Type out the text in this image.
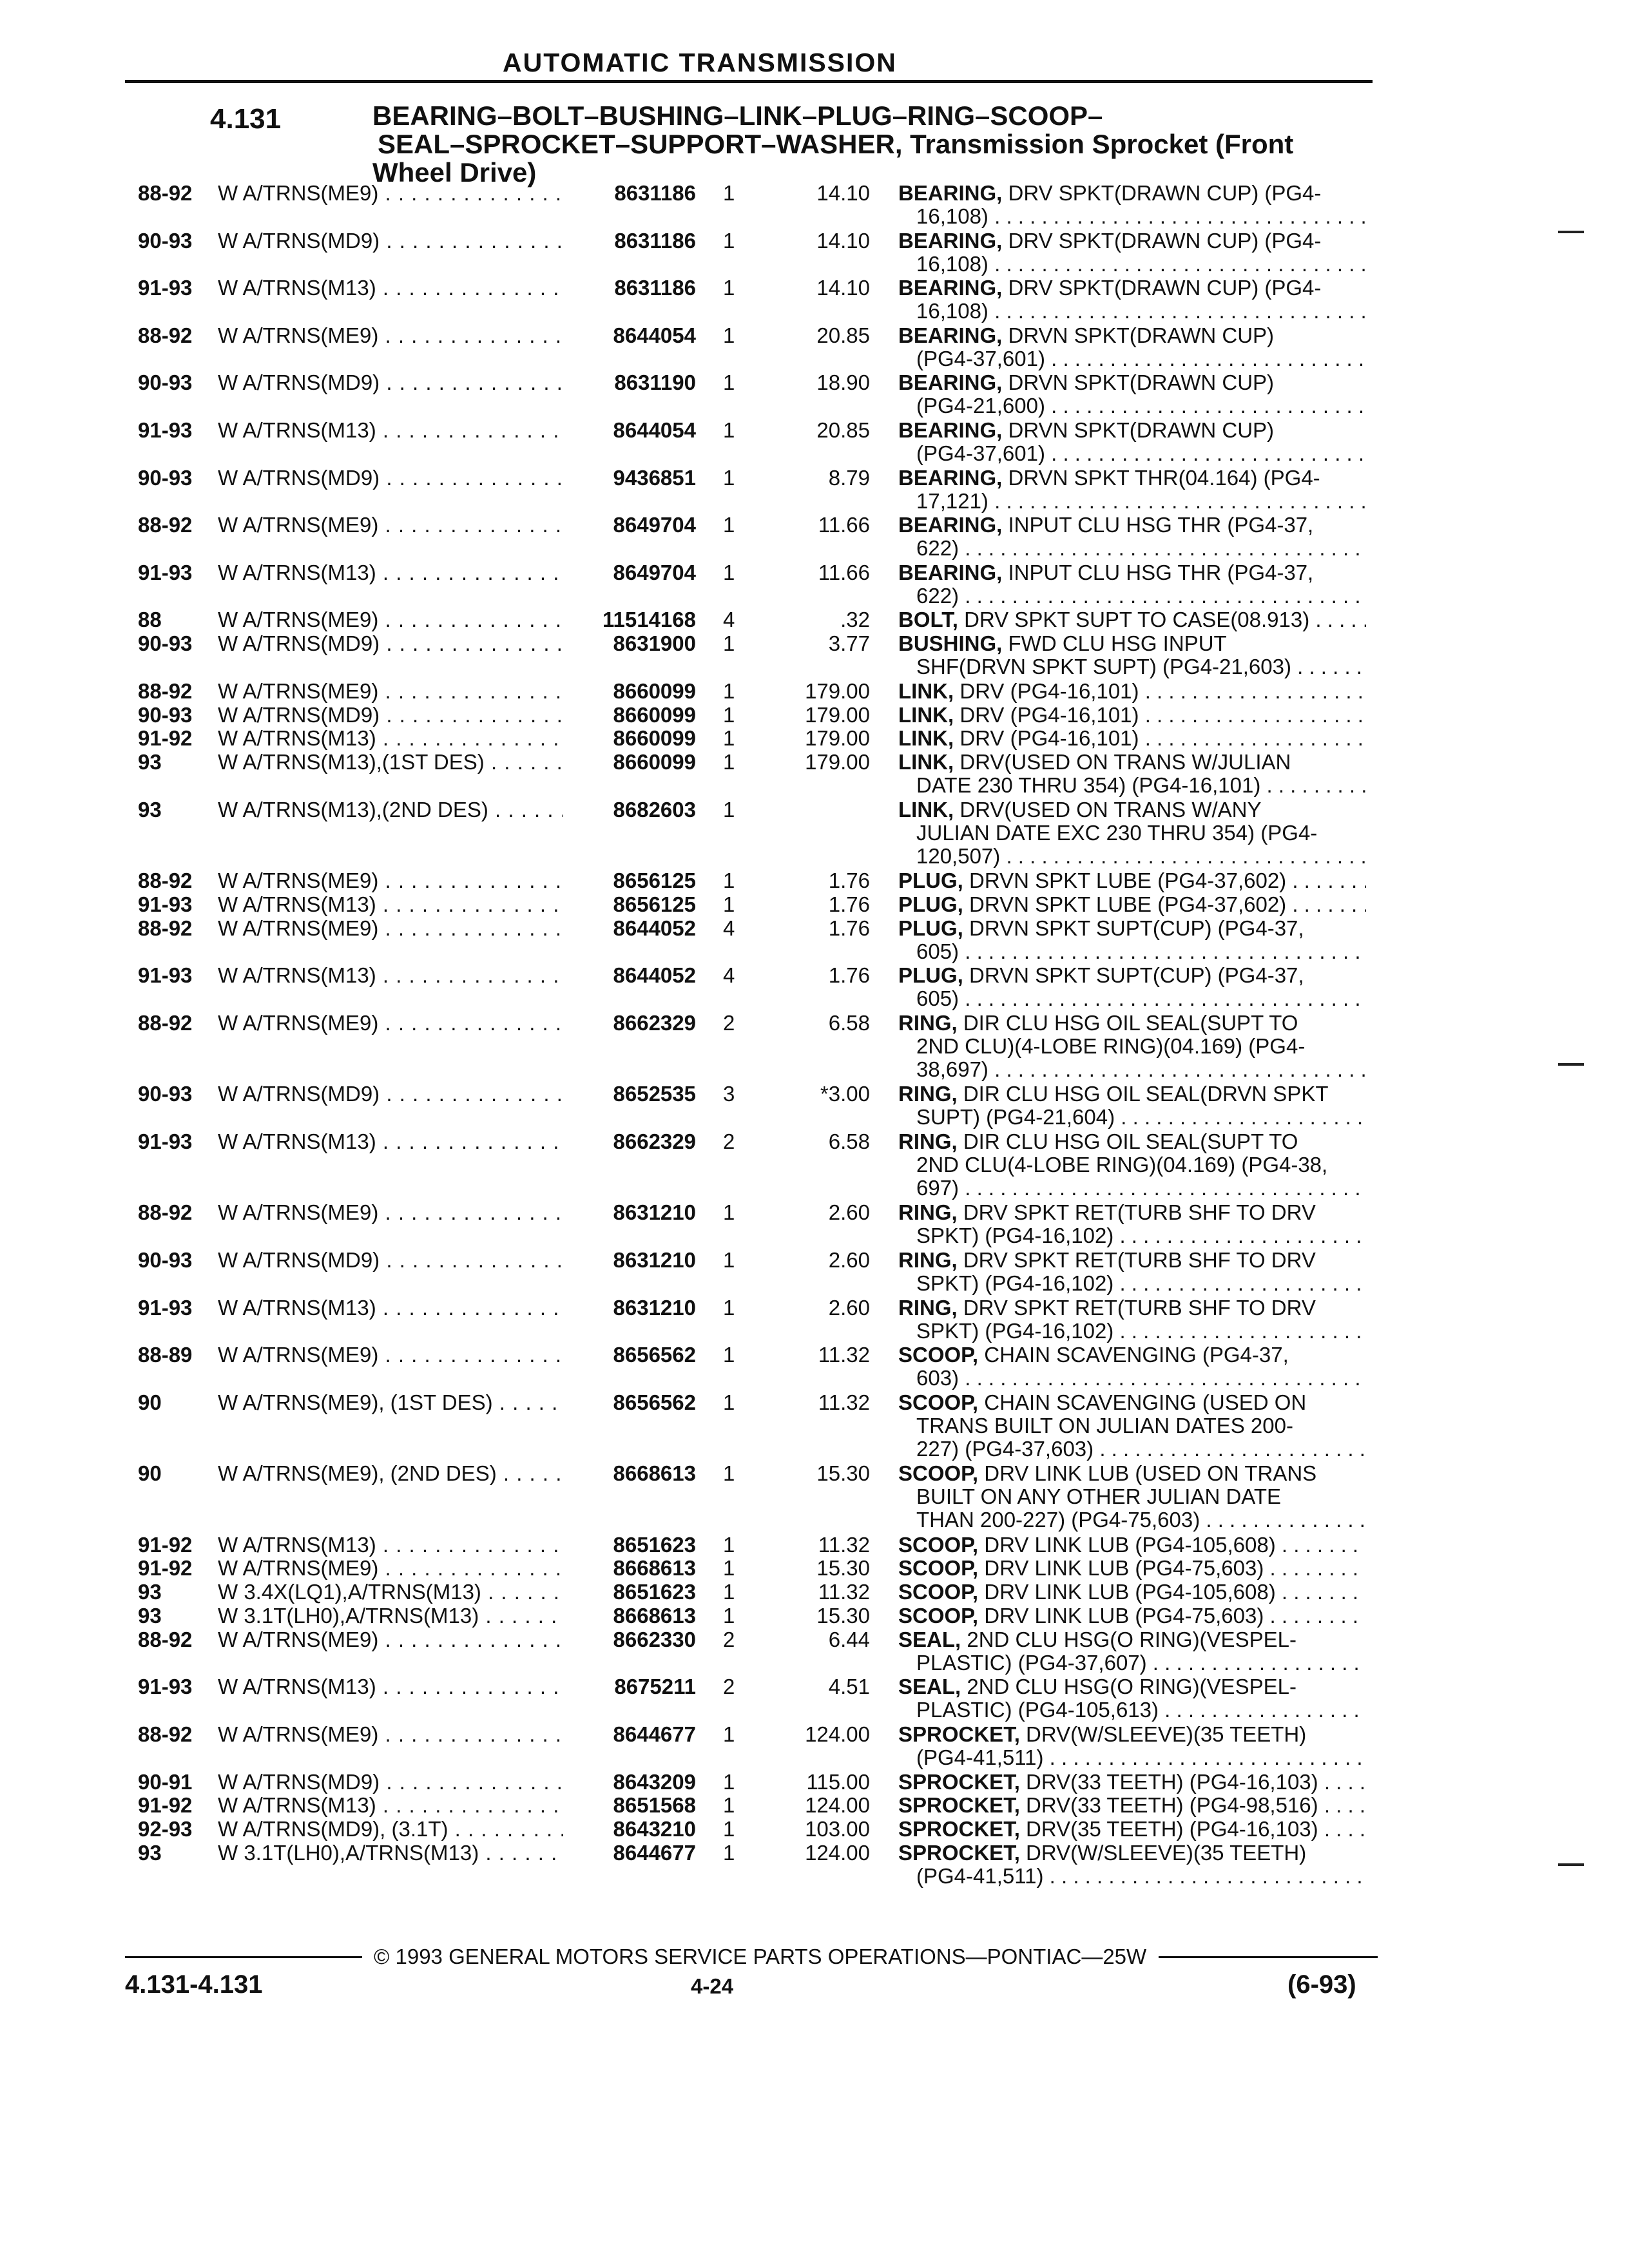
AUTOMATIC TRANSMISSION
4.131	BEARING–BOLT–BUSHING–LINK–PLUG–RING–SCOOP–
SEAL–SPROCKET–SUPPORT–WASHER, Transmission Sprocket (Front
Wheel Drive)
88-92 W A/TRNS(ME9) . . .	8631186 1	14.10 BEARING, DRV SPKT(DRAWN CUP) (PG4-
16,108) . . .
90-93 W A/TRNS(MD9) . . .	8631186 1	14.10 BEARING, DRV SPKT(DRAWN CUP) (PG4-
16,108) . . .
91-93 W A/TRNS(M13) . . .	8631186 1	14.10 BEARING, DRV SPKT(DRAWN CUP) (PG4-
16,108) . . .
88-92 W A/TRNS(ME9) . . .	8644054 1	20.85 BEARING, DRVN SPKT(DRAWN CUP)
(PG4-37,601) . . .
90-93 W A/TRNS(MD9) . . .	8631190 1	18.90 BEARING, DRVN SPKT(DRAWN CUP)
(PG4-21,600) . . .
91-93 W A/TRNS(M13) . . .	8644054 1	20.85 BEARING, DRVN SPKT(DRAWN CUP)
(PG4-37,601) . . .
90-93 W A/TRNS(MD9) . . .	9436851 1	8.79 BEARING, DRVN SPKT THR(04.164) (PG4-
17,121) . . .
88-92 W A/TRNS(ME9) . . .	8649704 1	11.66 BEARING, INPUT CLU HSG THR (PG4-37,
622) . . .
91-93 W A/TRNS(M13) . . .	8649704 1	11.66 BEARING, INPUT CLU HSG THR (PG4-37,
622) . . .
88	W A/TRNS(ME9) . . .	11514168 4	.32 BOLT, DRV SPKT SUPT TO CASE(08.913) . . .
90-93 W A/TRNS(MD9) . . .	8631900 1	3.77 BUSHING, FWD CLU HSG INPUT
SHF(DRVN SPKT SUPT) (PG4-21,603) . . .
88-92 W A/TRNS(ME9) . . .	8660099 1	179.00 LINK, DRV (PG4-16,101) . . .
90-93 W A/TRNS(MD9) . . .	8660099 1	179.00 LINK, DRV (PG4-16,101) . . .
91-92 W A/TRNS(M13) . . .	8660099 1	179.00 LINK, DRV (PG4-16,101) . . .
93	W A/TRNS(M13),(1ST DES) . . .	8660099 1	179.00 LINK, DRV(USED ON TRANS W/JULIAN
DATE 230 THRU 354) (PG4-16,101) . . .
93	W A/TRNS(M13),(2ND DES) . . .	8682603 1	LINK, DRV(USED ON TRANS W/ANY
JULIAN DATE EXC 230 THRU 354) (PG4-
120,507) . . .
88-92 W A/TRNS(ME9) . . .	8656125 1	1.76 PLUG, DRVN SPKT LUBE (PG4-37,602) . . .
91-93 W A/TRNS(M13) . . .	8656125 1	1.76 PLUG, DRVN SPKT LUBE (PG4-37,602) . . .
88-92 W A/TRNS(ME9) . . .	8644052 4	1.76 PLUG, DRVN SPKT SUPT(CUP) (PG4-37,
605) . . .
91-93 W A/TRNS(M13) . . .	8644052 4	1.76 PLUG, DRVN SPKT SUPT(CUP) (PG4-37,
605) . . .
88-92 W A/TRNS(ME9) . . .	8662329 2	6.58 RING, DIR CLU HSG OIL SEAL(SUPT TO
2ND CLU)(4-LOBE RING)(04.169) (PG4-
38,697) . . .
90-93 W A/TRNS(MD9) . . .	8652535 3	*3.00 RING, DIR CLU HSG OIL SEAL(DRVN SPKT
SUPT) (PG4-21,604) . . .
91-93 W A/TRNS(M13) . . .	8662329 2	6.58 RING, DIR CLU HSG OIL SEAL(SUPT TO
2ND CLU(4-LOBE RING)(04.169) (PG4-38,
697) . . .
88-92 W A/TRNS(ME9) . . .	8631210 1	2.60 RING, DRV SPKT RET(TURB SHF TO DRV
SPKT) (PG4-16,102) . . .
90-93 W A/TRNS(MD9) . . .	8631210 1	2.60 RING, DRV SPKT RET(TURB SHF TO DRV
SPKT) (PG4-16,102) . . .
91-93 W A/TRNS(M13) . . .	8631210 1	2.60 RING, DRV SPKT RET(TURB SHF TO DRV
SPKT) (PG4-16,102) . . .
88-89 W A/TRNS(ME9) . . .	8656562 1	11.32 SCOOP, CHAIN SCAVENGING (PG4-37,
603) . . .
90	W A/TRNS(ME9), (1ST DES) . . .	8656562 1	11.32 SCOOP, CHAIN SCAVENGING (USED ON
TRANS BUILT ON JULIAN DATES 200-
227) (PG4-37,603) . . .
90	W A/TRNS(ME9), (2ND DES) . . .	8668613 1	15.30 SCOOP, DRV LINK LUB (USED ON TRANS
BUILT ON ANY OTHER JULIAN DATE
THAN 200-227) (PG4-75,603) . . .
91-92 W A/TRNS(M13) . . .	8651623 1	11.32 SCOOP, DRV LINK LUB (PG4-105,608) . . .
91-92 W A/TRNS(ME9) . . .	8668613 1	15.30 SCOOP, DRV LINK LUB (PG4-75,603) . . .
93	W 3.4X(LQ1),A/TRNS(M13) . . .	8651623 1	11.32 SCOOP, DRV LINK LUB (PG4-105,608) . . .
93	W 3.1T(LH0),A/TRNS(M13) . . .	8668613 1	15.30 SCOOP, DRV LINK LUB (PG4-75,603) . . .
88-92 W A/TRNS(ME9) . . .	8662330 2	6.44 SEAL, 2ND CLU HSG(O RING)(VESPEL-
PLASTIC) (PG4-37,607) . . .
91-93 W A/TRNS(M13) . . .	8675211 2	4.51 SEAL, 2ND CLU HSG(O RING)(VESPEL-
PLASTIC) (PG4-105,613) . . .
88-92 W A/TRNS(ME9) . . .	8644677 1	124.00 SPROCKET, DRV(W/SLEEVE)(35 TEETH)
(PG4-41,511) . . .
90-91 W A/TRNS(MD9) . . .	8643209 1	115.00 SPROCKET, DRV(33 TEETH) (PG4-16,103) . . .
91-92 W A/TRNS(M13) . . .	8651568 1	124.00 SPROCKET, DRV(33 TEETH) (PG4-98,516) . . .
92-93 W A/TRNS(MD9), (3.1T) . . .	8643210 1	103.00 SPROCKET, DRV(35 TEETH) (PG4-16,103) . . .
93	W 3.1T(LH0),A/TRNS(M13) . . .	8644677 1	124.00 SPROCKET, DRV(W/SLEEVE)(35 TEETH)
(PG4-41,511) . . .
© 1993 GENERAL MOTORS SERVICE PARTS OPERATIONS—PONTIAC—25W
4.131-4.131	4-24	(6-93)
